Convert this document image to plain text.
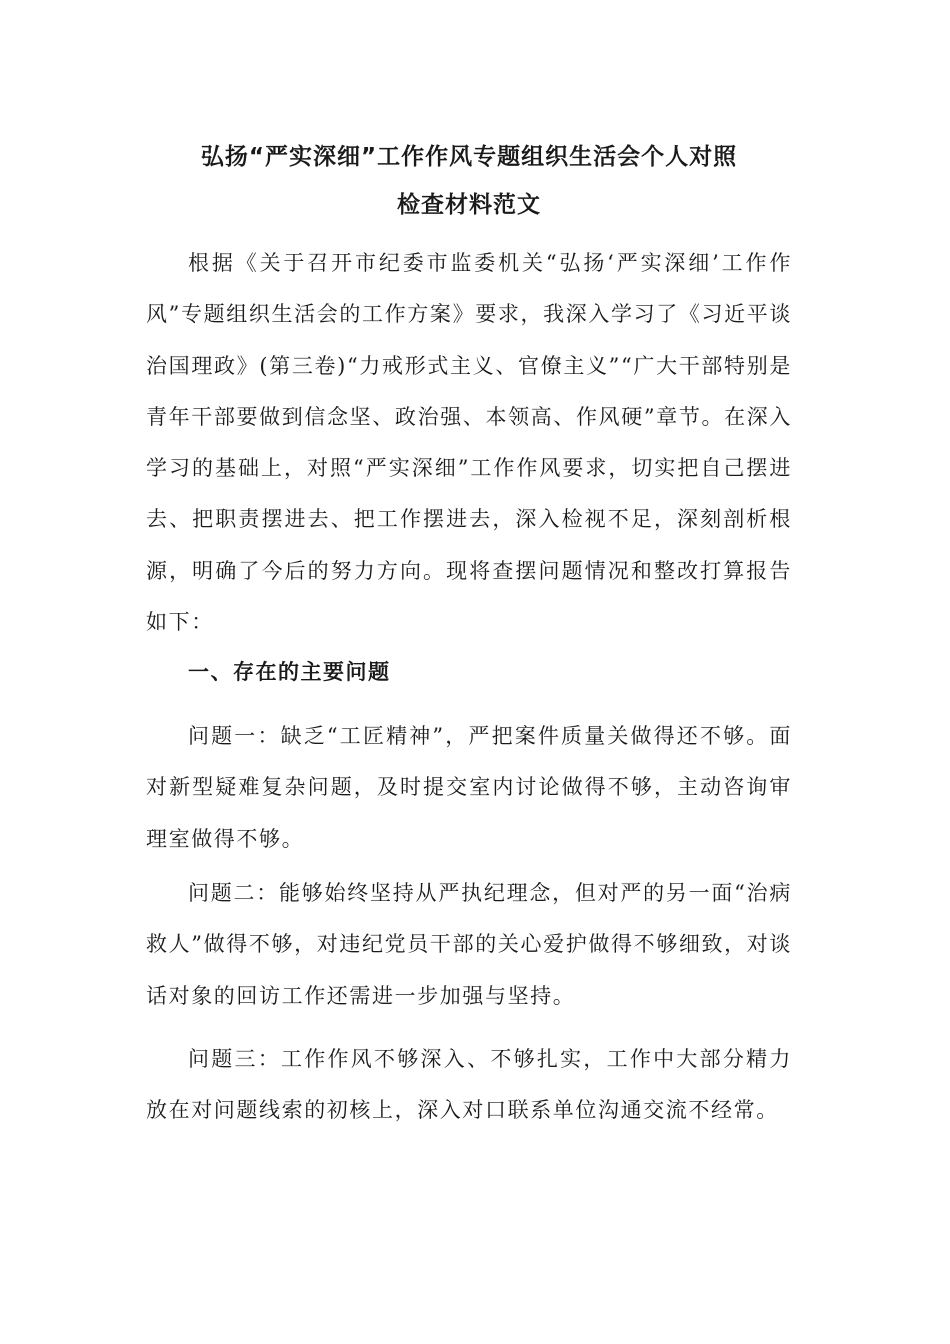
弘扬“严实深细”工作作风专题组织生活会个人对照
检查材料范文

根据《关于召开市纪委市监委机关“弘扬‘严实深细’工作作风”专题组织生活会的工作方案》要求，我深入学习了《习近平谈治国理政》(第三卷)“力戒形式主义、官僚主义”“广大干部特别是青年干部要做到信念坚、政治强、本领高、作风硬”章节。在深入学习的基础上，对照“严实深细”工作作风要求，切实把自己摆进去、把职责摆进去、把工作摆进去，深入检视不足，深刻剖析根源，明确了今后的努力方向。现将查摆问题情况和整改打算报告如下：

一、存在的主要问题

问题一：缺乏“工匠精神”，严把案件质量关做得还不够。面对新型疑难复杂问题，及时提交室内讨论做得不够，主动咨询审理室做得不够。

问题二：能够始终坚持从严执纪理念，但对严的另一面“治病救人”做得不够，对违纪党员干部的关心爱护做得不够细致，对谈话对象的回访工作还需进一步加强与坚持。

问题三：工作作风不够深入、不够扎实，工作中大部分精力放在对问题线索的初核上，深入对口联系单位沟通交流不经常。
